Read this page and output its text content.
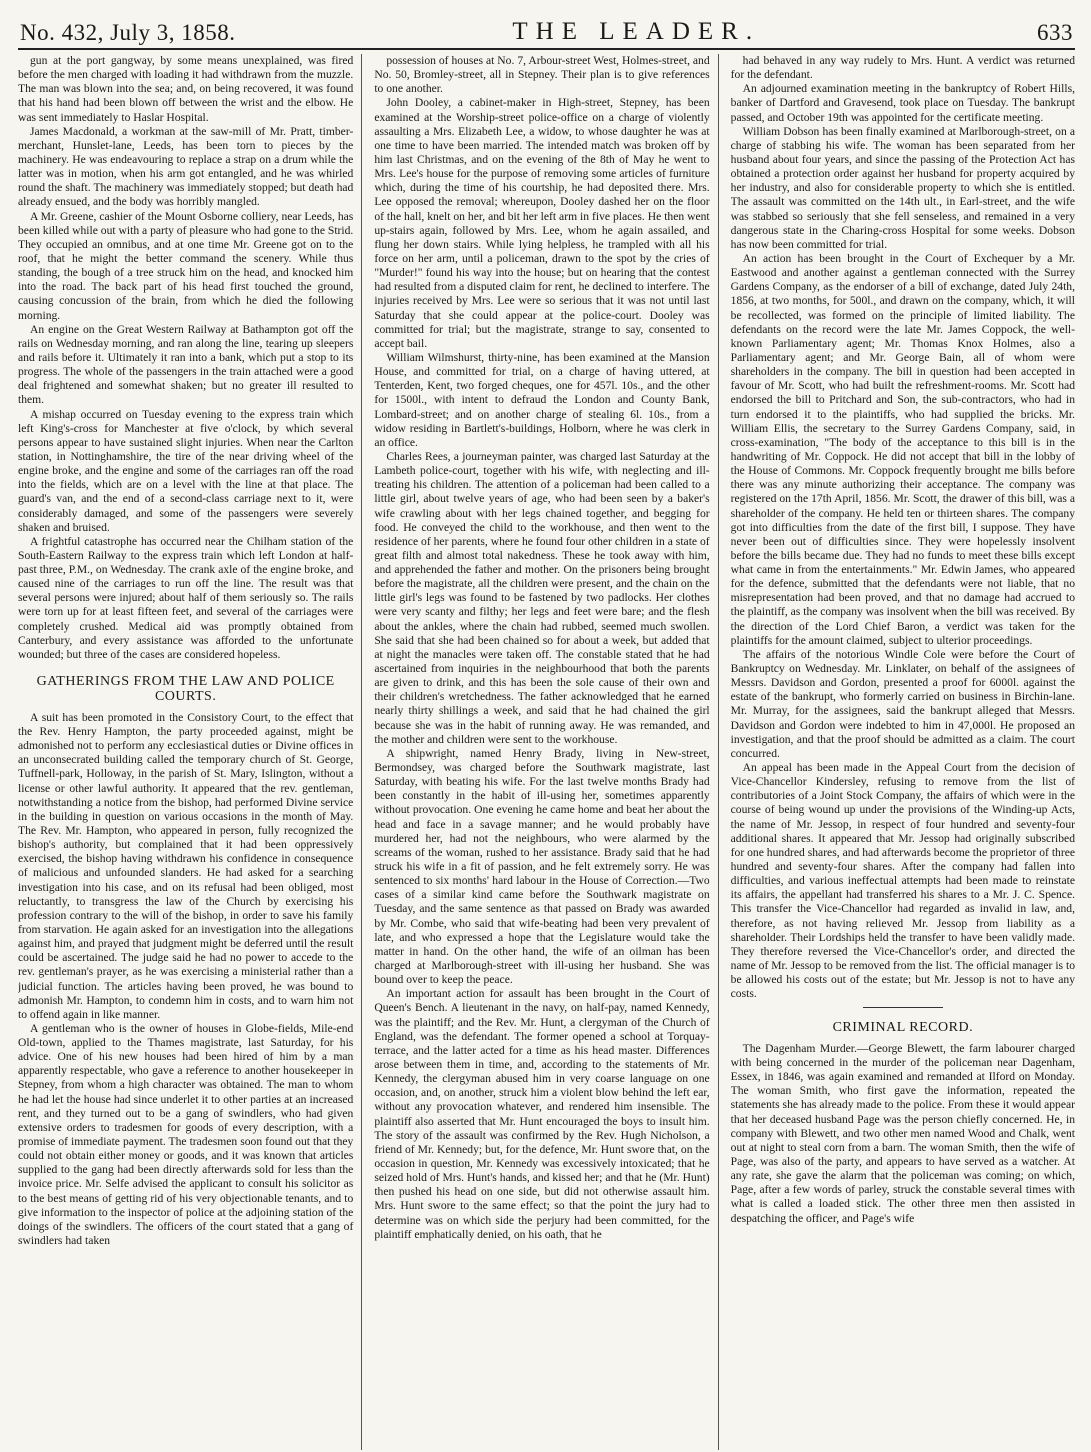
No. 432, July 3, 1858.	THE LEADER.	633

gun at the port gangway, by some means unexplained, was fired before the men charged with loading it had withdrawn from the muzzle. The man was blown into the sea; and, on being recovered, it was found that his hand had been blown off between the wrist and the elbow. He was sent immediately to Haslar Hospital.

James Macdonald, a workman at the saw-mill of Mr. Pratt, timber-merchant, Hunslet-lane, Leeds, has been torn to pieces by the machinery. He was endeavouring to replace a strap on a drum while the latter was in motion, when his arm got entangled, and he was whirled round the shaft. The machinery was immediately stopped; but death had already ensued, and the body was horribly mangled.

A Mr. Greene, cashier of the Mount Osborne colliery, near Leeds, has been killed while out with a party of pleasure who had gone to the Strid. They occupied an omnibus, and at one time Mr. Greene got on to the roof, that he might the better command the scenery. While thus standing, the bough of a tree struck him on the head, and knocked him into the road. The back part of his head first touched the ground, causing concussion of the brain, from which he died the following morning.

An engine on the Great Western Railway at Bathampton got off the rails on Wednesday morning, and ran along the line, tearing up sleepers and rails before it. Ultimately it ran into a bank, which put a stop to its progress. The whole of the passengers in the train attached were a good deal frightened and somewhat shaken; but no greater ill resulted to them.

A mishap occurred on Tuesday evening to the express train which left King's-cross for Manchester at five o'clock, by which several persons appear to have sustained slight injuries. When near the Carlton station, in Nottinghamshire, the tire of the near driving wheel of the engine broke, and the engine and some of the carriages ran off the road into the fields, which are on a level with the line at that place. The guard's van, and the end of a second-class carriage next to it, were considerably damaged, and some of the passengers were severely shaken and bruised.

A frightful catastrophe has occurred near the Chilham station of the South-Eastern Railway to the express train which left London at half-past three, P.M., on Wednesday. The crank axle of the engine broke, and caused nine of the carriages to run off the line. The result was that several persons were injured; about half of them seriously so. The rails were torn up for at least fifteen feet, and several of the carriages were completely crushed. Medical aid was promptly obtained from Canterbury, and every assistance was afforded to the unfortunate wounded; but three of the cases are considered hopeless.

GATHERINGS FROM THE LAW AND POLICE COURTS.

A suit has been promoted in the Consistory Court, to the effect that the Rev. Henry Hampton, the party proceeded against, might be admonished not to perform any ecclesiastical duties or Divine offices in an unconsecrated building called the temporary church of St. George, Tuffnell-park, Holloway, in the parish of St. Mary, Islington, without a license or other lawful authority. It appeared that the rev. gentleman, notwithstanding a notice from the bishop, had performed Divine service in the building in question on various occasions in the month of May. The Rev. Mr. Hampton, who appeared in person, fully recognized the bishop's authority, but complained that it had been oppressively exercised, the bishop having withdrawn his confidence in consequence of malicious and unfounded slanders. He had asked for a searching investigation into his case, and on its refusal had been obliged, most reluctantly, to transgress the law of the Church by exercising his profession contrary to the will of the bishop, in order to save his family from starvation. He again asked for an investigation into the allegations against him, and prayed that judgment might be deferred until the result could be ascertained. The judge said he had no power to accede to the rev. gentleman's prayer, as he was exercising a ministerial rather than a judicial function. The articles having been proved, he was bound to admonish Mr. Hampton, to condemn him in costs, and to warn him not to offend again in like manner.

A gentleman who is the owner of houses in Globe-fields, Mile-end Old-town, applied to the Thames magistrate, last Saturday, for his advice. One of his new houses had been hired of him by a man apparently respectable, who gave a reference to another housekeeper in Stepney, from whom a high character was obtained. The man to whom he had let the house had since underlet it to other parties at an increased rent, and they turned out to be a gang of swindlers, who had given extensive orders to tradesmen for goods of every description, with a promise of immediate payment. The tradesmen soon found out that they could not obtain either money or goods, and it was known that articles supplied to the gang had been directly afterwards sold for less than the invoice price. Mr. Selfe advised the applicant to consult his solicitor as to the best means of getting rid of his very objectionable tenants, and to give information to the inspector of police at the adjoining station of the doings of the swindlers. The officers of the court stated that a gang of swindlers had taken

possession of houses at No. 7, Arbour-street West, Holmes-street, and No. 50, Bromley-street, all in Stepney. Their plan is to give references to one another.

John Dooley, a cabinet-maker in High-street, Stepney, has been examined at the Worship-street police-office on a charge of violently assaulting a Mrs. Elizabeth Lee, a widow, to whose daughter he was at one time to have been married. The intended match was broken off by him last Christmas, and on the evening of the 8th of May he went to Mrs. Lee's house for the purpose of removing some articles of furniture which, during the time of his courtship, he had deposited there. Mrs. Lee opposed the removal; whereupon, Dooley dashed her on the floor of the hall, knelt on her, and bit her left arm in five places. He then went up-stairs again, followed by Mrs. Lee, whom he again assailed, and flung her down stairs. While lying helpless, he trampled with all his force on her arm, until a policeman, drawn to the spot by the cries of "Murder!" found his way into the house; but on hearing that the contest had resulted from a disputed claim for rent, he declined to interfere. The injuries received by Mrs. Lee were so serious that it was not until last Saturday that she could appear at the police-court. Dooley was committed for trial; but the magistrate, strange to say, consented to accept bail.

William Wilmshurst, thirty-nine, has been examined at the Mansion House, and committed for trial, on a charge of having uttered, at Tenterden, Kent, two forged cheques, one for 457l. 10s., and the other for 1500l., with intent to defraud the London and County Bank, Lombard-street; and on another charge of stealing 6l. 10s., from a widow residing in Bartlett's-buildings, Holborn, where he was clerk in an office.

Charles Rees, a journeyman painter, was charged last Saturday at the Lambeth police-court, together with his wife, with neglecting and ill-treating his children. The attention of a policeman had been called to a little girl, about twelve years of age, who had been seen by a baker's wife crawling about with her legs chained together, and begging for food. He conveyed the child to the workhouse, and then went to the residence of her parents, where he found four other children in a state of great filth and almost total nakedness. These he took away with him, and apprehended the father and mother. On the prisoners being brought before the magistrate, all the children were present, and the chain on the little girl's legs was found to be fastened by two padlocks. Her clothes were very scanty and filthy; her legs and feet were bare; and the flesh about the ankles, where the chain had rubbed, seemed much swollen. She said that she had been chained so for about a week, but added that at night the manacles were taken off. The constable stated that he had ascertained from inquiries in the neighbourhood that both the parents are given to drink, and this has been the sole cause of their own and their children's wretchedness. The father acknowledged that he earned nearly thirty shillings a week, and said that he had chained the girl because she was in the habit of running away. He was remanded, and the mother and children were sent to the workhouse.

A shipwright, named Henry Brady, living in New-street, Bermondsey, was charged before the Southwark magistrate, last Saturday, with beating his wife. For the last twelve months Brady had been constantly in the habit of ill-using her, sometimes apparently without provocation. One evening he came home and beat her about the head and face in a savage manner; and he would probably have murdered her, had not the neighbours, who were alarmed by the screams of the woman, rushed to her assistance. Brady said that he had struck his wife in a fit of passion, and he felt extremely sorry. He was sentenced to six months' hard labour in the House of Correction.—Two cases of a similar kind came before the Southwark magistrate on Tuesday, and the same sentence as that passed on Brady was awarded by Mr. Combe, who said that wife-beating had been very prevalent of late, and who expressed a hope that the Legislature would take the matter in hand. On the other hand, the wife of an oilman has been charged at Marlborough-street with ill-using her husband. She was bound over to keep the peace.

An important action for assault has been brought in the Court of Queen's Bench. A lieutenant in the navy, on half-pay, named Kennedy, was the plaintiff; and the Rev. Mr. Hunt, a clergyman of the Church of England, was the defendant. The former opened a school at Torquay-terrace, and the latter acted for a time as his head master. Differences arose between them in time, and, according to the statements of Mr. Kennedy, the clergyman abused him in very coarse language on one occasion, and, on another, struck him a violent blow behind the left ear, without any provocation whatever, and rendered him insensible. The plaintiff also asserted that Mr. Hunt encouraged the boys to insult him. The story of the assault was confirmed by the Rev. Hugh Nicholson, a friend of Mr. Kennedy; but, for the defence, Mr. Hunt swore that, on the occasion in question, Mr. Kennedy was excessively intoxicated; that he seized hold of Mrs. Hunt's hands, and kissed her; and that he (Mr. Hunt) then pushed his head on one side, but did not otherwise assault him. Mrs. Hunt swore to the same effect; so that the point the jury had to determine was on which side the perjury had been committed, for the plaintiff emphatically denied, on his oath, that he

had behaved in any way rudely to Mrs. Hunt. A verdict was returned for the defendant.

An adjourned examination meeting in the bankruptcy of Robert Hills, banker of Dartford and Gravesend, took place on Tuesday. The bankrupt passed, and October 19th was appointed for the certificate meeting.

William Dobson has been finally examined at Marlborough-street, on a charge of stabbing his wife. The woman has been separated from her husband about four years, and since the passing of the Protection Act has obtained a protection order against her husband for property acquired by her industry, and also for considerable property to which she is entitled. The assault was committed on the 14th ult., in Earl-street, and the wife was stabbed so seriously that she fell senseless, and remained in a very dangerous state in the Charing-cross Hospital for some weeks. Dobson has now been committed for trial.

An action has been brought in the Court of Exchequer by a Mr. Eastwood and another against a gentleman connected with the Surrey Gardens Company, as the endorser of a bill of exchange, dated July 24th, 1856, at two months, for 500l., and drawn on the company, which, it will be recollected, was formed on the principle of limited liability. The defendants on the record were the late Mr. James Coppock, the well-known Parliamentary agent; Mr. Thomas Knox Holmes, also a Parliamentary agent; and Mr. George Bain, all of whom were shareholders in the company. The bill in question had been accepted in favour of Mr. Scott, who had built the refreshment-rooms. Mr. Scott had endorsed the bill to Pritchard and Son, the sub-contractors, who had in turn endorsed it to the plaintiffs, who had supplied the bricks. Mr. William Ellis, the secretary to the Surrey Gardens Company, said, in cross-examination, "The body of the acceptance to this bill is in the handwriting of Mr. Coppock. He did not accept that bill in the lobby of the House of Commons. Mr. Coppock frequently brought me bills before there was any minute authorizing their acceptance. The company was registered on the 17th April, 1856. Mr. Scott, the drawer of this bill, was a shareholder of the company. He held ten or thirteen shares. The company got into difficulties from the date of the first bill, I suppose. They have never been out of difficulties since. They were hopelessly insolvent before the bills became due. They had no funds to meet these bills except what came in from the entertainments." Mr. Edwin James, who appeared for the defence, submitted that the defendants were not liable, that no misrepresentation had been proved, and that no damage had accrued to the plaintiff, as the company was insolvent when the bill was received. By the direction of the Lord Chief Baron, a verdict was taken for the plaintiffs for the amount claimed, subject to ulterior proceedings.

The affairs of the notorious Windle Cole were before the Court of Bankruptcy on Wednesday. Mr. Linklater, on behalf of the assignees of Messrs. Davidson and Gordon, presented a proof for 6000l. against the estate of the bankrupt, who formerly carried on business in Birchin-lane. Mr. Murray, for the assignees, said the bankrupt alleged that Messrs. Davidson and Gordon were indebted to him in 47,000l. He proposed an investigation, and that the proof should be admitted as a claim. The court concurred.

An appeal has been made in the Appeal Court from the decision of Vice-Chancellor Kindersley, refusing to remove from the list of contributories of a Joint Stock Company, the affairs of which were in the course of being wound up under the provisions of the Winding-up Acts, the name of Mr. Jessop, in respect of four hundred and seventy-four additional shares. It appeared that Mr. Jessop had originally subscribed for one hundred shares, and had afterwards become the proprietor of three hundred and seventy-four shares. After the company had fallen into difficulties, and various ineffectual attempts had been made to reinstate its affairs, the appellant had transferred his shares to a Mr. J. C. Spence. This transfer the Vice-Chancellor had regarded as invalid in law, and, therefore, as not having relieved Mr. Jessop from liability as a shareholder. Their Lordships held the transfer to have been validly made. They therefore reversed the Vice-Chancellor's order, and directed the name of Mr. Jessop to be removed from the list. The official manager is to be allowed his costs out of the estate; but Mr. Jessop is not to have any costs.

CRIMINAL RECORD.

The Dagenham Murder.—George Blewett, the farm labourer charged with being concerned in the murder of the policeman near Dagenham, Essex, in 1846, was again examined and remanded at Ilford on Monday. The woman Smith, who first gave the information, repeated the statements she has already made to the police. From these it would appear that her deceased husband Page was the person chiefly concerned. He, in company with Blewett, and two other men named Wood and Chalk, went out at night to steal corn from a barn. The woman Smith, then the wife of Page, was also of the party, and appears to have served as a watcher. At any rate, she gave the alarm that the policeman was coming; on which, Page, after a few words of parley, struck the constable several times with what is called a loaded stick. The other three men then assisted in despatching the officer, and Page's wife
